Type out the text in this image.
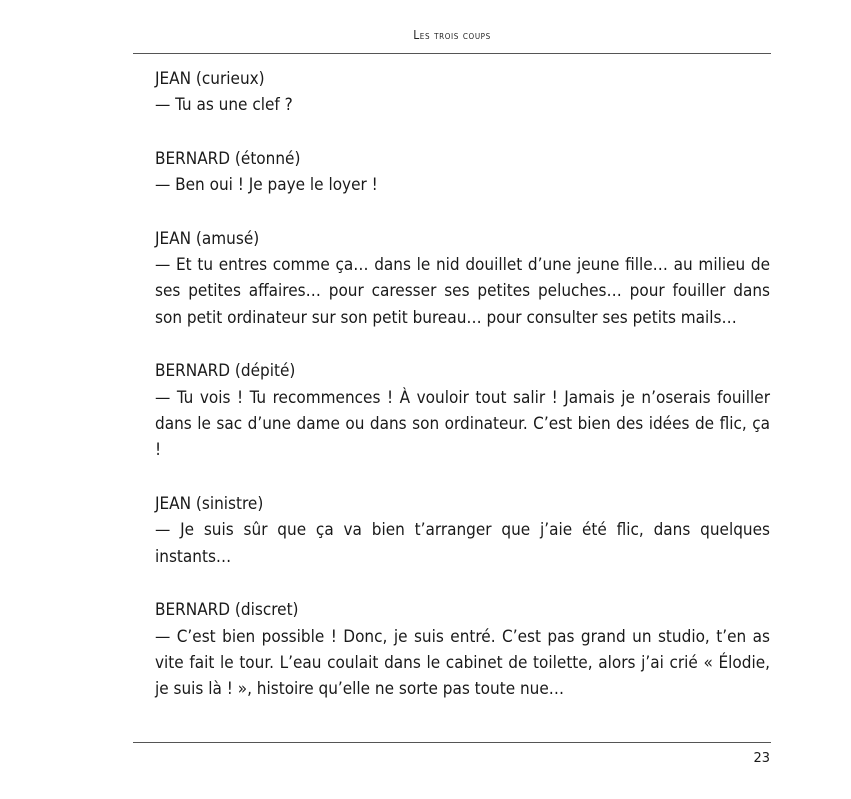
Les trois coups
JEAN (curieux)

— Tu as une clef ?

BERNARD (étonné)

— Ben oui ! Je paye le loyer !

JEAN (amusé)

— Et tu entres comme ça… dans le nid douillet d’une jeune fille… au milieu de ses petites affaires… pour caresser ses petites peluches… pour fouiller dans son petit ordinateur sur son petit bureau… pour consulter ses petits mails…

BERNARD (dépité)

— Tu vois ! Tu recommences ! À vouloir tout salir ! Jamais je n’oserais fouiller dans le sac d’une dame ou dans son ordinateur. C’est bien des idées de flic, ça !

JEAN (sinistre)

— Je suis sûr que ça va bien t’arranger que j’aie été flic, dans quelques instants…

BERNARD (discret)

— C’est bien possible ! Donc, je suis entré. C’est pas grand un studio, t’en as vite fait le tour. L’eau coulait dans le cabinet de toilette, alors j’ai crié « Élodie, je suis là ! », histoire qu’elle ne sorte pas toute nue…

23
